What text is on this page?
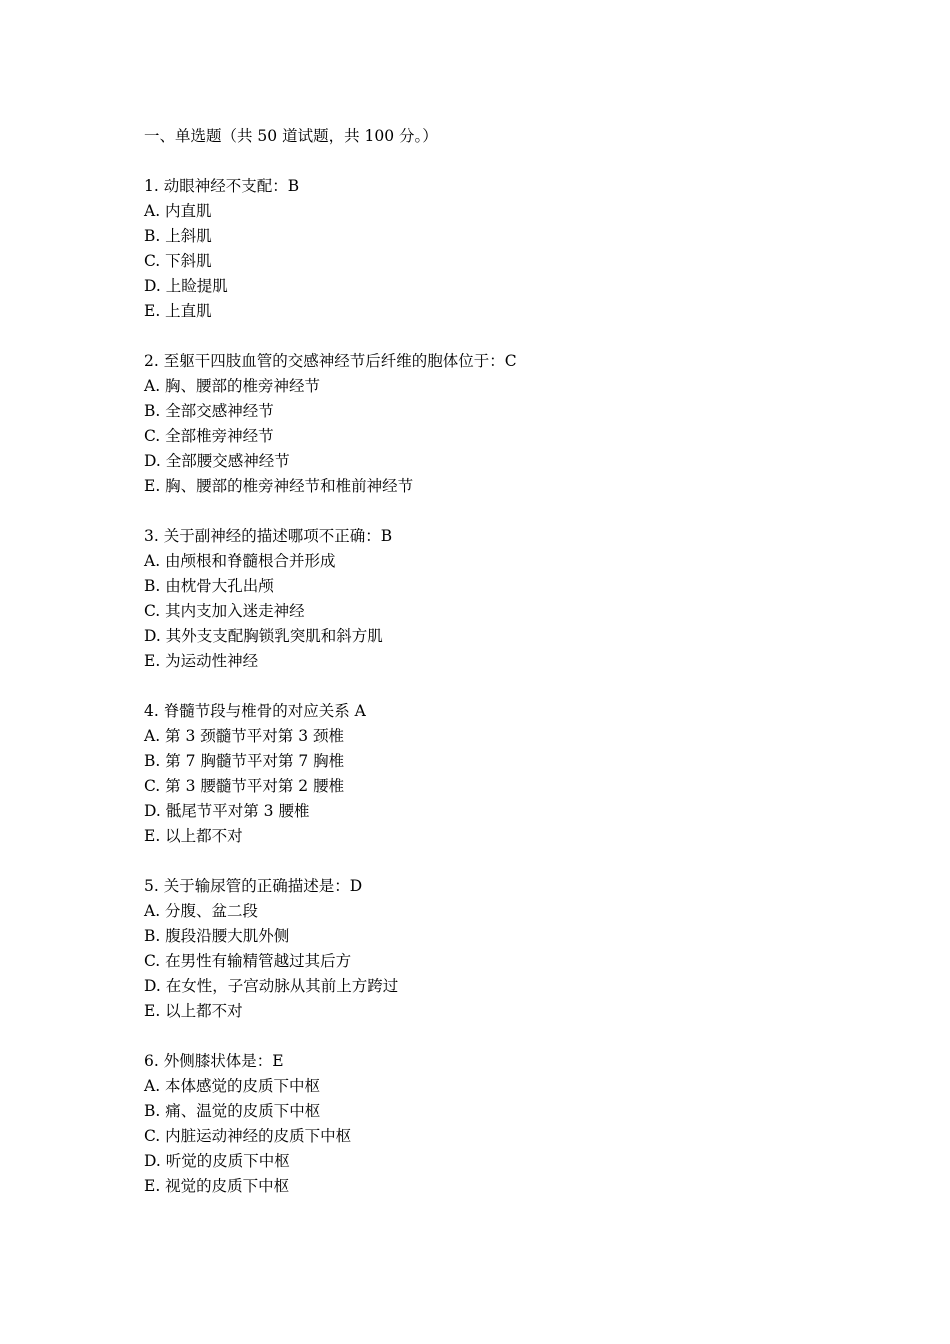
一、单选题（共 50 道试题，共 100 分。）
1. 动眼神经不支配：B
A. 内直肌
B. 上斜肌
C. 下斜肌
D. 上睑提肌
E. 上直肌
2. 至躯干四肢血管的交感神经节后纤维的胞体位于：C
A. 胸、腰部的椎旁神经节
B. 全部交感神经节
C. 全部椎旁神经节
D. 全部腰交感神经节
E. 胸、腰部的椎旁神经节和椎前神经节
3. 关于副神经的描述哪项不正确：B
A. 由颅根和脊髓根合并形成
B. 由枕骨大孔出颅
C. 其内支加入迷走神经
D. 其外支支配胸锁乳突肌和斜方肌
E. 为运动性神经
4. 脊髓节段与椎骨的对应关系 A
A. 第 3 颈髓节平对第 3 颈椎
B. 第 7 胸髓节平对第 7 胸椎
C. 第 3 腰髓节平对第 2 腰椎
D. 骶尾节平对第 3 腰椎
E. 以上都不对
5. 关于输尿管的正确描述是：D
A. 分腹、盆二段
B. 腹段沿腰大肌外侧
C. 在男性有输精管越过其后方
D. 在女性，子宫动脉从其前上方跨过
E. 以上都不对
6. 外侧膝状体是：E
A. 本体感觉的皮质下中枢
B. 痛、温觉的皮质下中枢
C. 内脏运动神经的皮质下中枢
D. 听觉的皮质下中枢
E. 视觉的皮质下中枢
